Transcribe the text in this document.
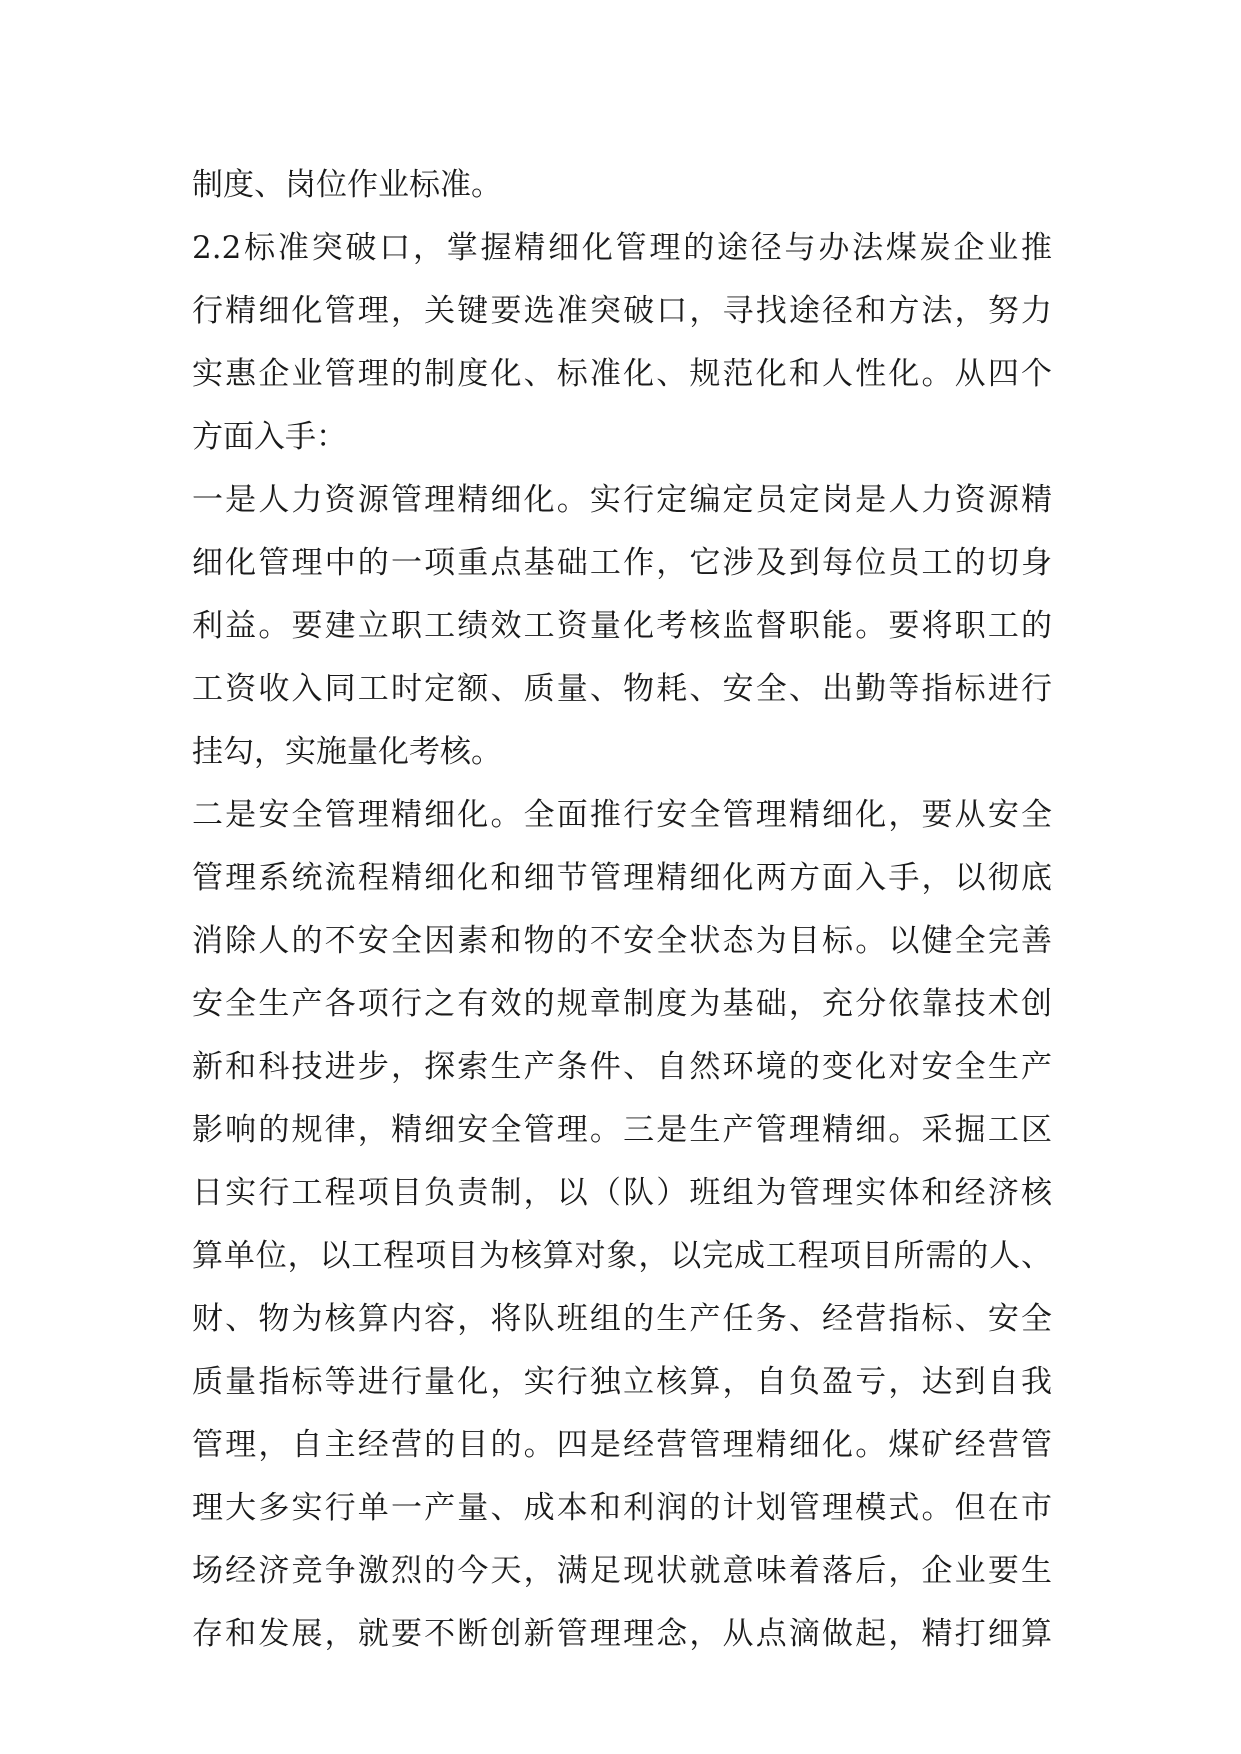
制度、岗位作业标准。
2.2标准突破口，掌握精细化管理的途径与办法煤炭企业推
行精细化管理，关键要选准突破口，寻找途径和方法，努力
实惠企业管理的制度化、标准化、规范化和人性化。从四个
方面入手：
一是人力资源管理精细化。实行定编定员定岗是人力资源精
细化管理中的一项重点基础工作，它涉及到每位员工的切身
利益。要建立职工绩效工资量化考核监督职能。要将职工的
工资收入同工时定额、质量、物耗、安全、出勤等指标进行
挂勾，实施量化考核。
二是安全管理精细化。全面推行安全管理精细化，要从安全
管理系统流程精细化和细节管理精细化两方面入手，以彻底
消除人的不安全因素和物的不安全状态为目标。以健全完善
安全生产各项行之有效的规章制度为基础，充分依靠技术创
新和科技进步，探索生产条件、自然环境的变化对安全生产
影响的规律，精细安全管理。三是生产管理精细。采掘工区
日实行工程项目负责制，以（队）班组为管理实体和经济核
算单位，以工程项目为核算对象，以完成工程项目所需的人、
财、物为核算内容，将队班组的生产任务、经营指标、安全
质量指标等进行量化，实行独立核算，自负盈亏，达到自我
管理，自主经营的目的。四是经营管理精细化。煤矿经营管
理大多实行单一产量、成本和利润的计划管理模式。但在市
场经济竞争激烈的今天，满足现状就意味着落后，企业要生
存和发展，就要不断创新管理理念，从点滴做起，精打细算
